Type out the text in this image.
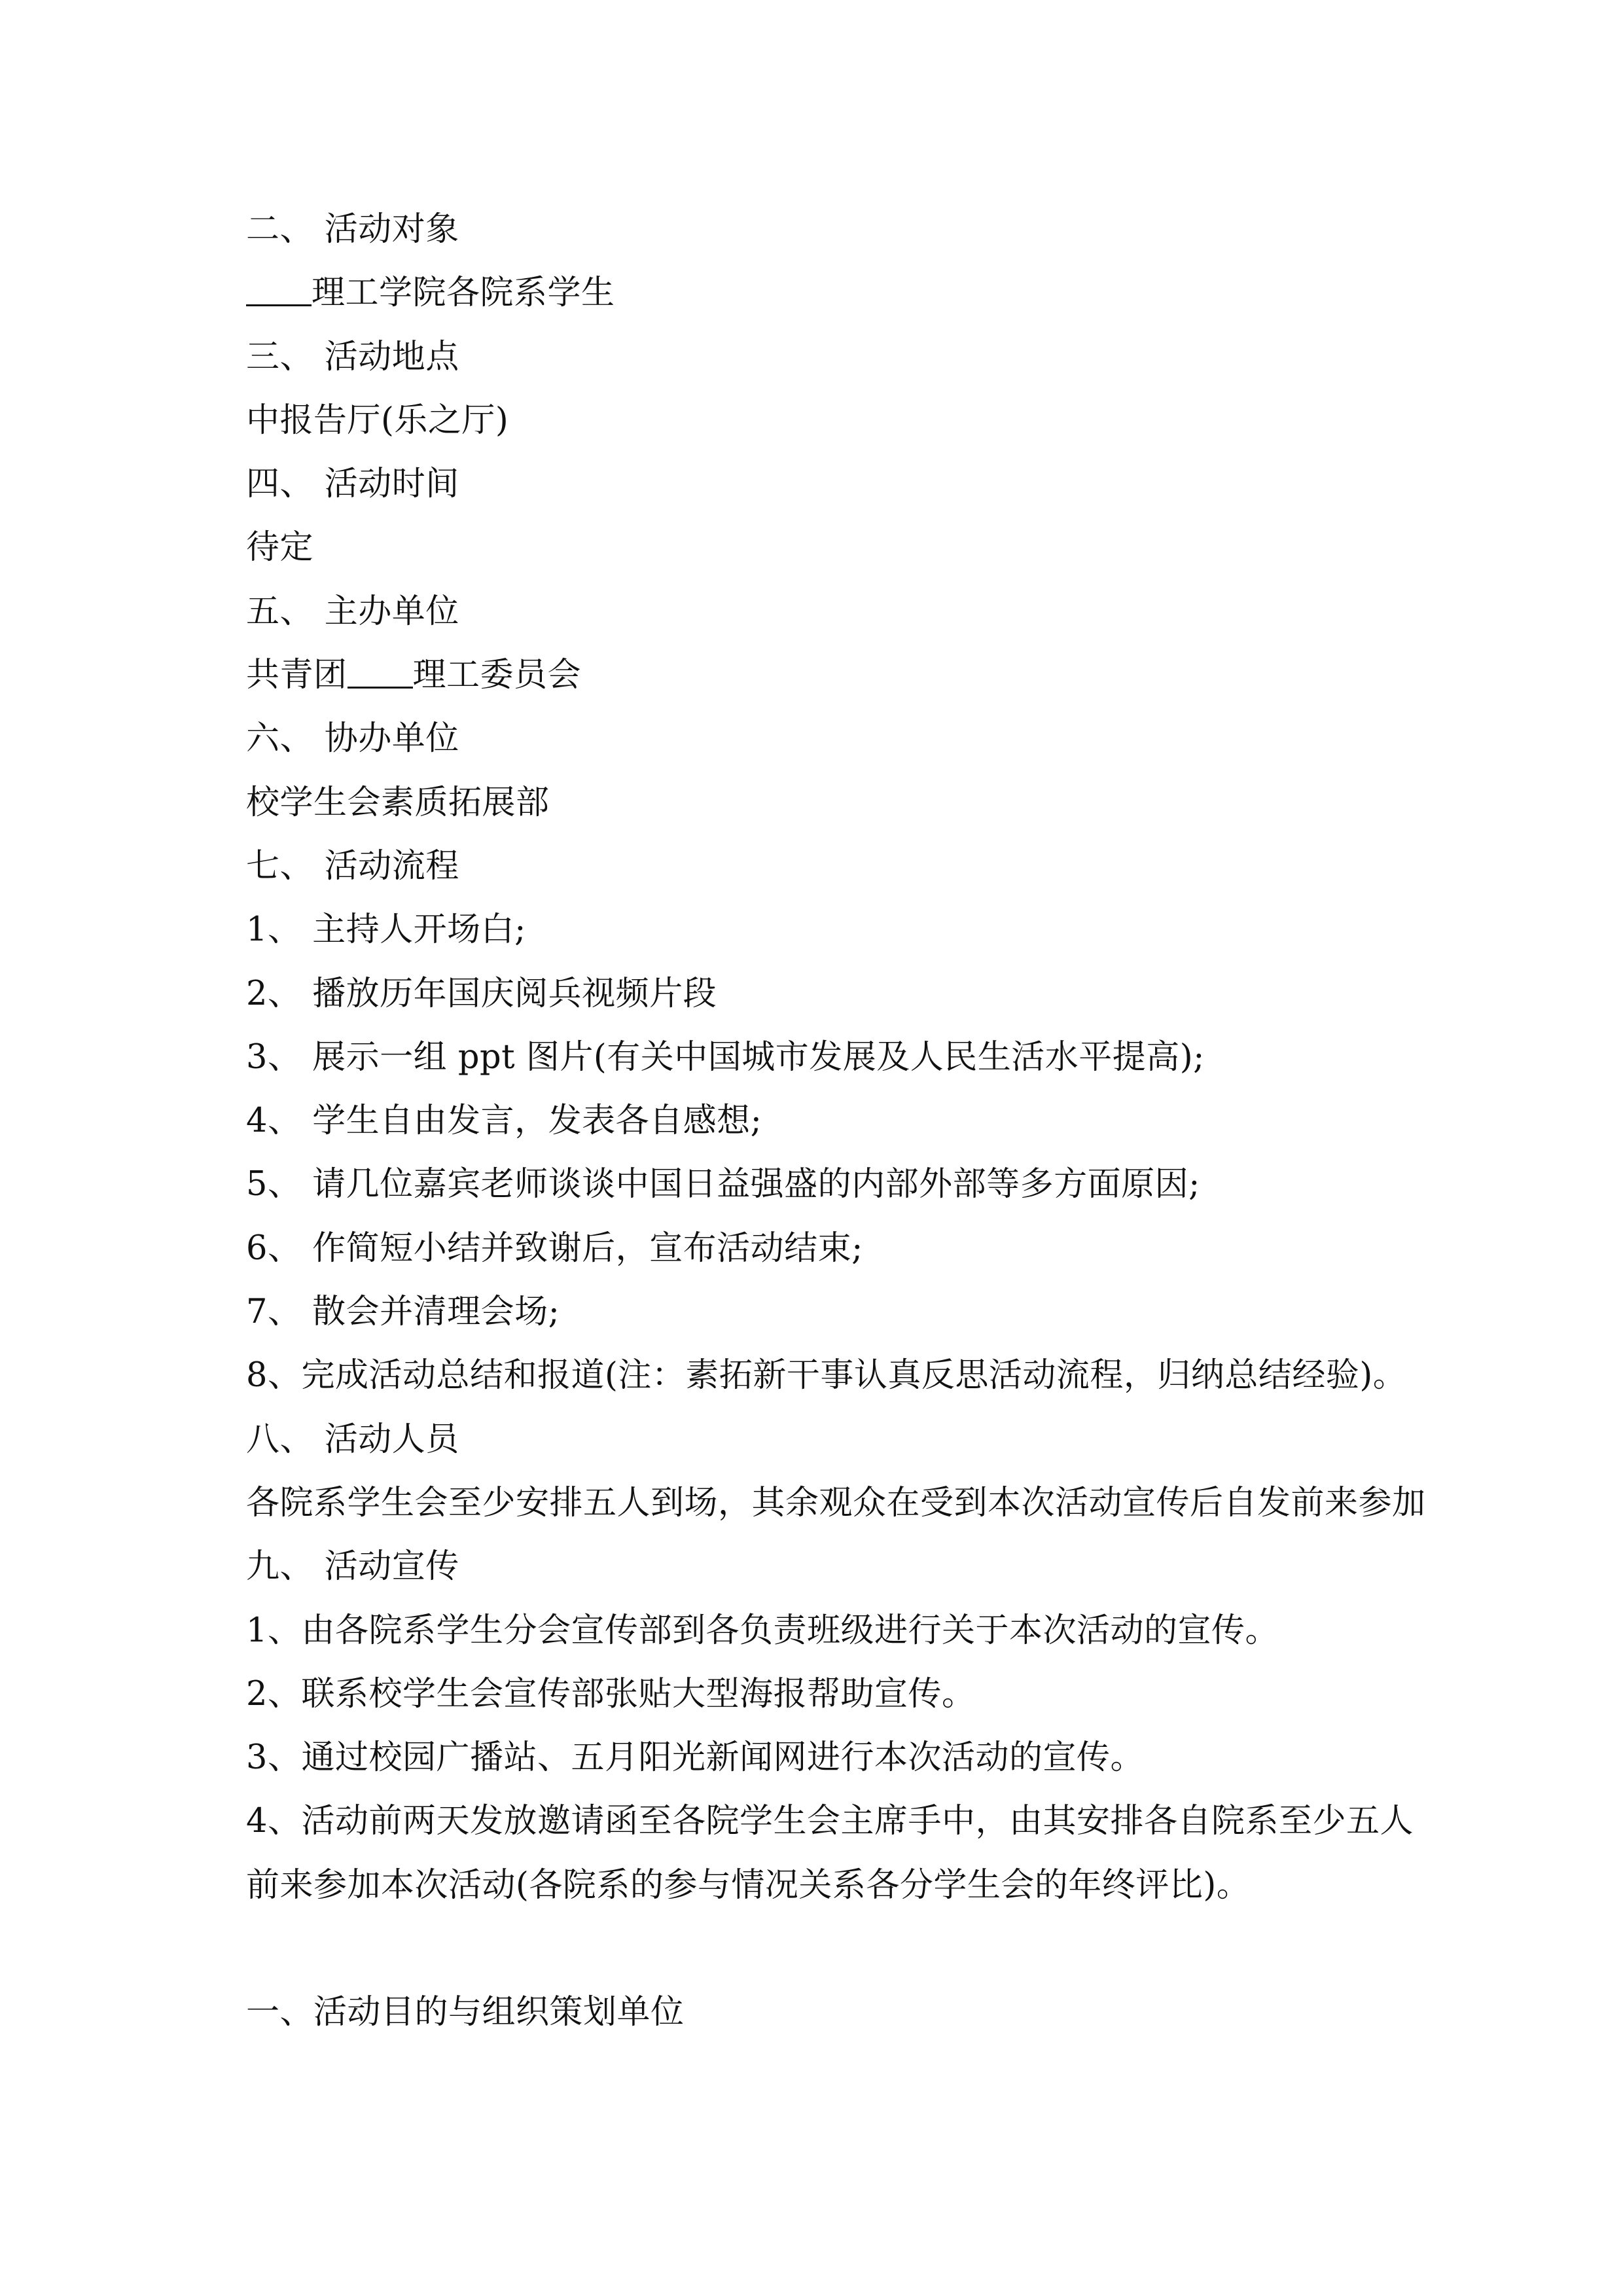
二、 活动对象
理工学院各院系学生
三、 活动地点
中报告厅(乐之厅)
四、 活动时间
待定
五、 主办单位
共青团 理工委员会
六、 协办单位
校学生会素质拓展部
七、 活动流程
1、 主持人开场白;
2、 播放历年国庆阅兵视频片段
3、 展示一组 ppt 图片(有关中国城市发展及人民生活水平提高);
4、 学生自由发言，发表各自感想;
5、 请几位嘉宾老师谈谈中国日益强盛的内部外部等多方面原因;
6、 作简短小结并致谢后，宣布活动结束;
7、 散会并清理会场;
8、完成活动总结和报道(注：素拓新干事认真反思活动流程，归纳总结经验)。
八、 活动人员
各院系学生会至少安排五人到场，其余观众在受到本次活动宣传后自发前来参加
九、 活动宣传
1、由各院系学生分会宣传部到各负责班级进行关于本次活动的宣传。
2、联系校学生会宣传部张贴大型海报帮助宣传。
3、通过校园广播站、五月阳光新闻网进行本次活动的宣传。
4、活动前两天发放邀请函至各院学生会主席手中，由其安排各自院系至少五人
前来参加本次活动(各院系的参与情况关系各分学生会的年终评比)。
一、活动目的与组织策划单位
